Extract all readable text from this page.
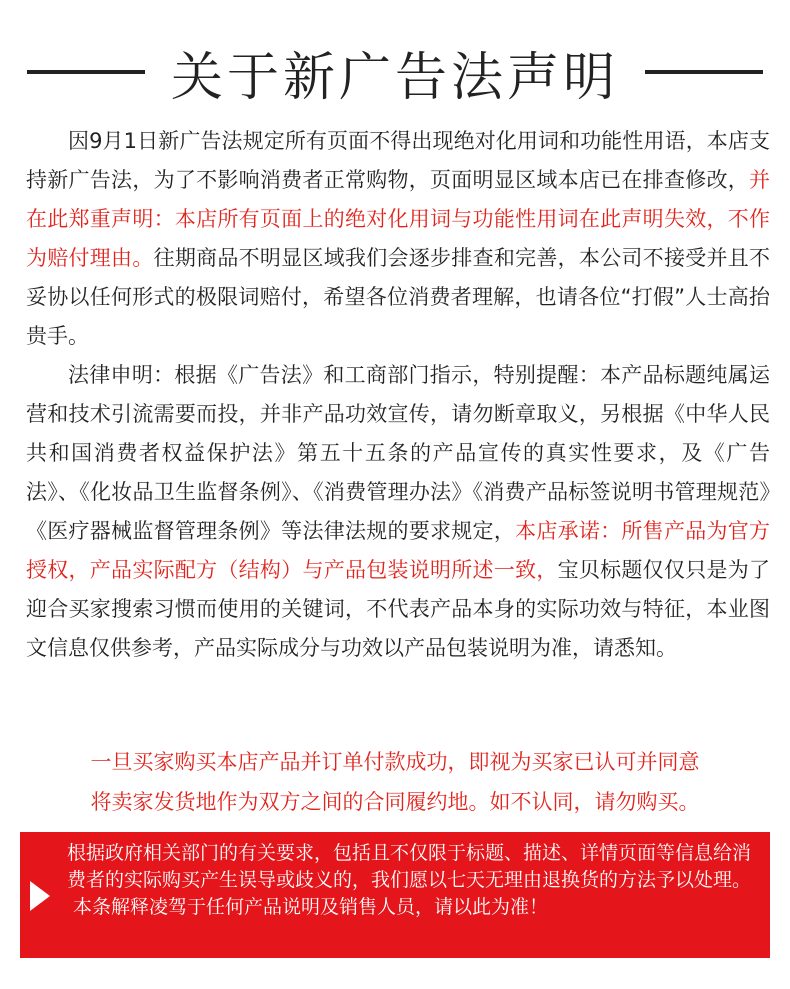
关于新广告法声明

因9月1日新广告法规定所有页面不得出现绝对化用词和功能性用语，本店支持新广告法，为了不影响消费者正常购物，页面明显区域本店已在排查修改，并在此郑重声明：本店所有页面上的绝对化用词与功能性用词在此声明失效，不作为赔付理由。往期商品不明显区域我们会逐步排查和完善，本公司不接受并且不妥协以任何形式的极限词赔付，希望各位消费者理解，也请各位“打假”人士高抬贵手。

法律申明：根据《广告法》和工商部门指示，特别提醒：本产品标题纯属运营和技术引流需要而投，并非产品功效宣传，请勿断章取义，另根据《中华人民共和国消费者权益保护法》第五十五条的产品宣传的真实性要求，及《广告法》、《化妆品卫生监督条例》、《消费管理办法》《消费产品标签说明书管理规范》《医疗器械监督管理条例》等法律法规的要求规定，本店承诺：所售产品为官方授权，产品实际配方（结构）与产品包装说明所述一致，宝贝标题仅仅只是为了迎合买家搜索习惯而使用的关键词，不代表产品本身的实际功效与特征，本业图文信息仅供参考，产品实际成分与功效以产品包装说明为准，请悉知。

一旦买家购买本店产品并订单付款成功，即视为买家已认可并同意
将卖家发货地作为双方之间的合同履约地。如不认同，请勿购买。
根据政府相关部门的有关要求，包括且不仅限于标题、描述、详情页面等信息给消费者的实际购买产生误导或歧义的，我们愿以七天无理由退换货的方法予以处理。
本条解释凌驾于任何产品说明及销售人员，请以此为准！
